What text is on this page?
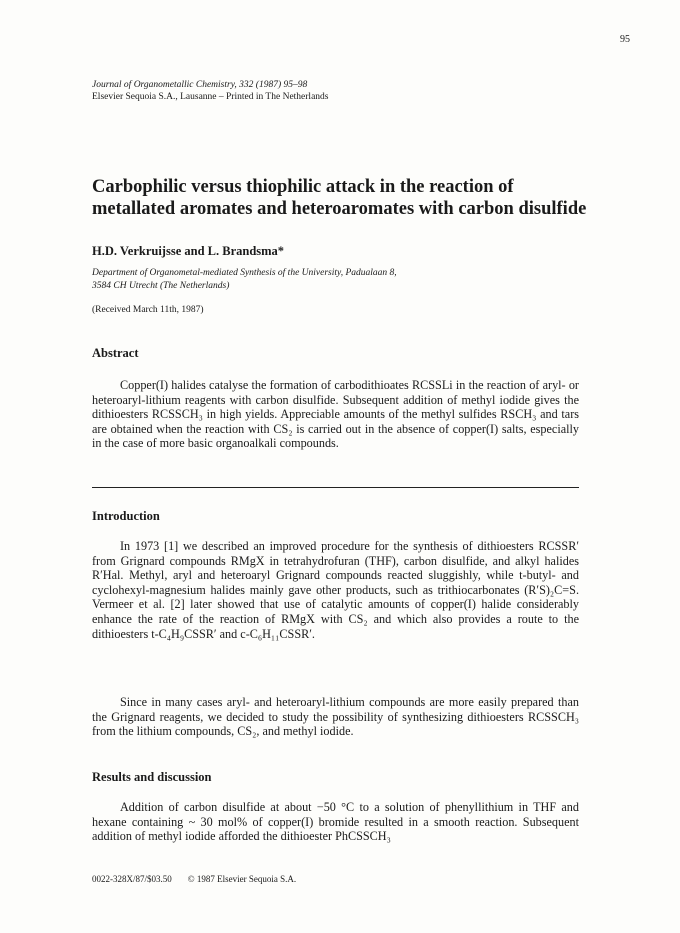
95
Journal of Organometallic Chemistry, 332 (1987) 95–98
Elsevier Sequoia S.A., Lausanne – Printed in The Netherlands
Carbophilic versus thiophilic attack in the reaction of metallated aromates and heteroaromates with carbon disulfide
H.D. Verkruijsse and L. Brandsma*
Department of Organometal-mediated Synthesis of the University, Padualaan 8,
3584 CH Utrecht (The Netherlands)
(Received March 11th, 1987)
Abstract
Copper(I) halides catalyse the formation of carbodithioates RCSSLi in the reaction of aryl- or heteroaryl-lithium reagents with carbon disulfide. Subsequent addition of methyl iodide gives the dithioesters RCSSCH₃ in high yields. Appreciable amounts of the methyl sulfides RSCH₃ and tars are obtained when the reaction with CS₂ is carried out in the absence of copper(I) salts, especially in the case of more basic organoalkali compounds.
Introduction
In 1973 [1] we described an improved procedure for the synthesis of dithioesters RCSSR′ from Grignard compounds RMgX in tetrahydrofuran (THF), carbon disulfide, and alkyl halides R′Hal. Methyl, aryl and heteroaryl Grignard compounds reacted sluggishly, while t-butyl- and cyclohexyl-magnesium halides mainly gave other products, such as trithiocarbonates (R′S)₂C=S. Vermeer et al. [2] later showed that use of catalytic amounts of copper(I) halide considerably enhance the rate of the reaction of RMgX with CS₂ and which also provides a route to the dithioesters t-C₄H₉CSSR′ and c-C₆H₁₁CSSR′.
Since in many cases aryl- and heteroaryl-lithium compounds are more easily prepared than the Grignard reagents, we decided to study the possibility of synthesizing dithioesters RCSSCH₃ from the lithium compounds, CS₂, and methyl iodide.
Results and discussion
Addition of carbon disulfide at about −50 °C to a solution of phenyllithium in THF and hexane containing ~ 30 mol% of copper(I) bromide resulted in a smooth reaction. Subsequent addition of methyl iodide afforded the dithioester PhCSSCH₃
0022-328X/87/$03.50 © 1987 Elsevier Sequoia S.A.
